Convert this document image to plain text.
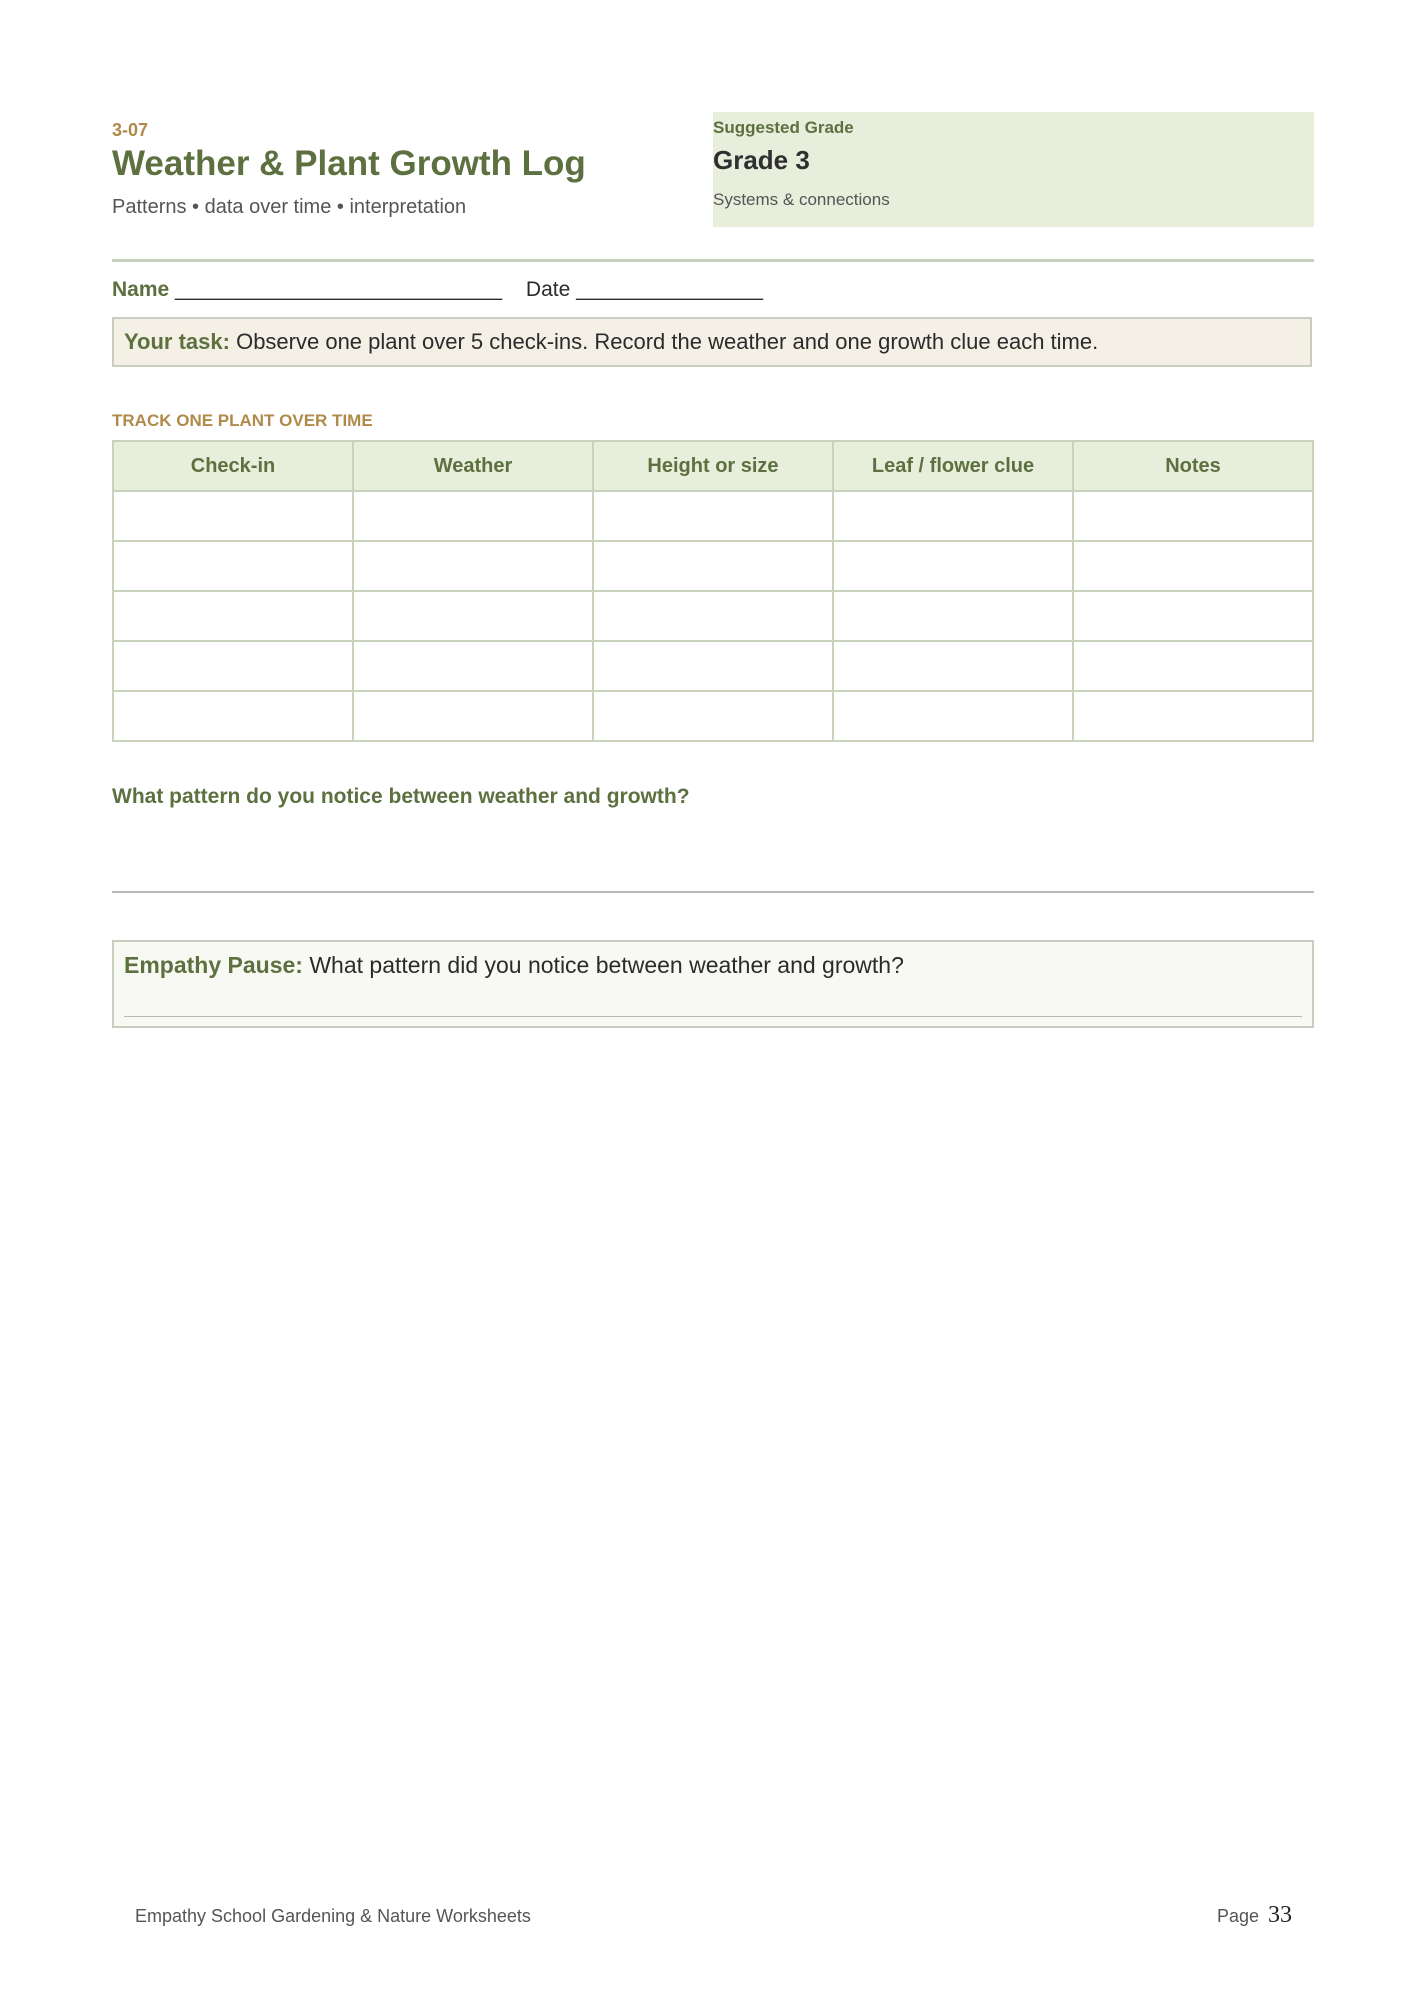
3-07
Weather & Plant Growth Log
Patterns • data over time • interpretation
Suggested Grade
Grade 3
Systems & connections
Name ____________________________ Date ________________
Your task: Observe one plant over 5 check-ins. Record the weather and one growth clue each time.
TRACK ONE PLANT OVER TIME
Check-in	Weather	Height or size	Leaf / flower clue	Notes

What pattern do you notice between weather and growth?
Empathy Pause: What pattern did you notice between weather and growth?
Empathy School Gardening & Nature Worksheets	Page 33
